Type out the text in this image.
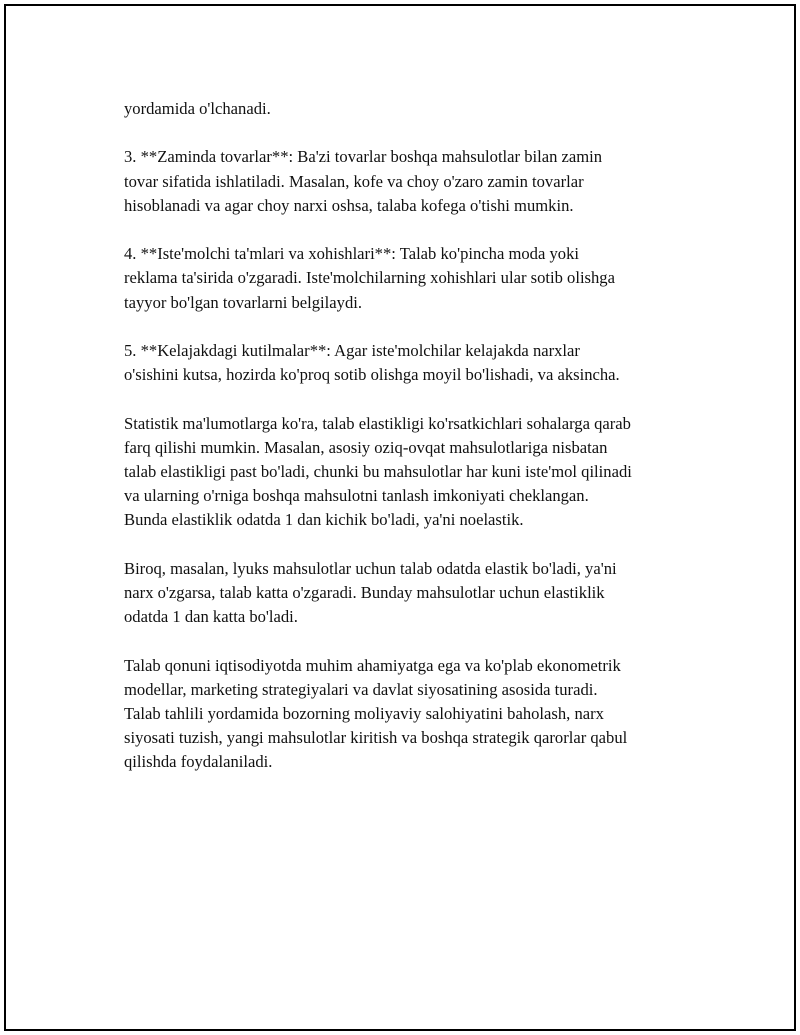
yordamida o'lchanadi.

3. **Zaminda tovarlar**: Ba'zi tovarlar boshqa mahsulotlar bilan zamin
tovar sifatida ishlatiladi. Masalan, kofe va choy o'zaro zamin tovarlar
hisoblanadi va agar choy narxi oshsa, talaba kofega o'tishi mumkin.

4. **Iste'molchi ta'mlari va xohishlari**: Talab ko'pincha moda yoki
reklama ta'sirida o'zgaradi. Iste'molchilarning xohishlari ular sotib olishga
tayyor bo'lgan tovarlarni belgilaydi.

5. **Kelajakdagi kutilmalar**: Agar iste'molchilar kelajakda narxlar
o'sishini kutsa, hozirda ko'proq sotib olishga moyil bo'lishadi, va aksincha.

Statistik ma'lumotlarga ko'ra, talab elastikligi ko'rsatkichlari sohalarga qarab
farq qilishi mumkin. Masalan, asosiy oziq-ovqat mahsulotlariga nisbatan
talab elastikligi past bo'ladi, chunki bu mahsulotlar har kuni iste'mol qilinadi
va ularning o'rniga boshqa mahsulotni tanlash imkoniyati cheklangan.
Bunda elastiklik odatda 1 dan kichik bo'ladi, ya'ni noelastik.

Biroq, masalan, lyuks mahsulotlar uchun talab odatda elastik bo'ladi, ya'ni
narx o'zgarsa, talab katta o'zgaradi. Bunday mahsulotlar uchun elastiklik
odatda 1 dan katta bo'ladi.

Talab qonuni iqtisodiyotda muhim ahamiyatga ega va ko'plab ekonometrik
modellar, marketing strategiyalari va davlat siyosatining asosida turadi.
Talab tahlili yordamida bozorning moliyaviy salohiyatini baholash, narx
siyosati tuzish, yangi mahsulotlar kiritish va boshqa strategik qarorlar qabul
qilishda foydalaniladi.
